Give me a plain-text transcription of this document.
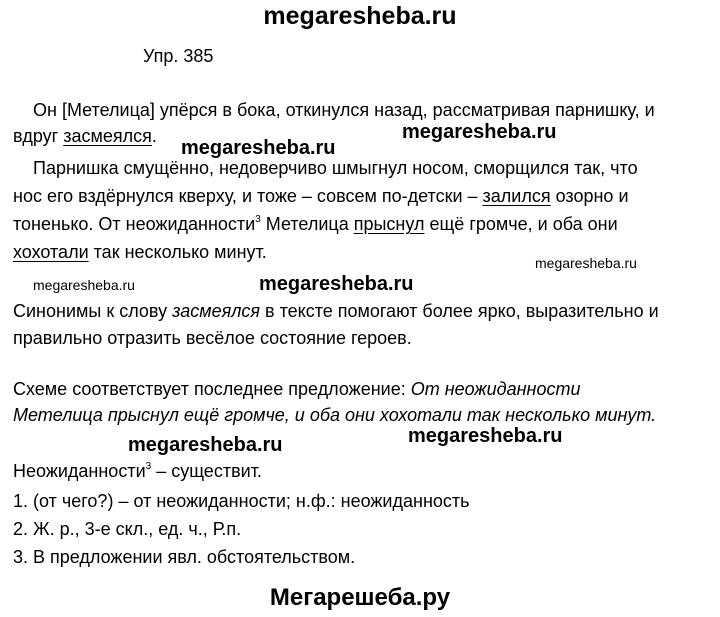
megaresheba.ru
Упр. 385
Он [Метелица] упёрся в бока, откинулся назад, рассматривая парнишку, и
вдруг засмеялся.
Парнишка смущённо, недоверчиво шмыгнул носом, сморщился так, что
нос его вздёрнулся кверху, и тоже – совсем по-детски – залился озорно и
тоненько. От неожиданности$^3$ Метелица прыснул ещё громче, и оба они
хохотали так несколько минут.
Синонимы к слову засмеялся в тексте помогают более ярко, выразительно и
правильно отразить весёлое состояние героев.
Схеме соответствует последнее предложение: От неожиданности
Метелица прыснул ещё громче, и оба они хохотали так несколько минут.
Неожиданности$^3$ – существит.
1. (от чего?) – от неожиданности; н.ф.: неожиданность
2. Ж. р., 3-е скл., ед. ч., Р.п.
3. В предложении явл. обстоятельством.
megaresheba.ru
megaresheba.ru
megaresheba.ru
megaresheba.ru	megaresheba.ru
megaresheba.ru	megaresheba.ru
Мегарешеба.ру
